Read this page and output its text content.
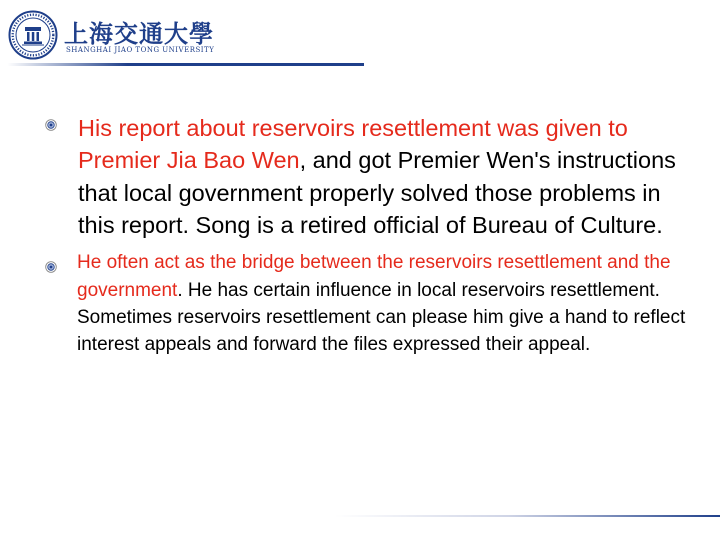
上海交通大學
SHANGHAI JIAO TONG UNIVERSITY
His report about reservoirs resettlement was given to Premier Jia Bao Wen, and got Premier Wen's instructions that local government properly solved those problems in this report. Song is a retired official of Bureau of Culture.
He often act as the bridge between the reservoirs resettlement and the government. He has certain influence in local reservoirs resettlement. Sometimes reservoirs resettlement can please him give a hand to reflect interest appeals and forward the files expressed their appeal.
